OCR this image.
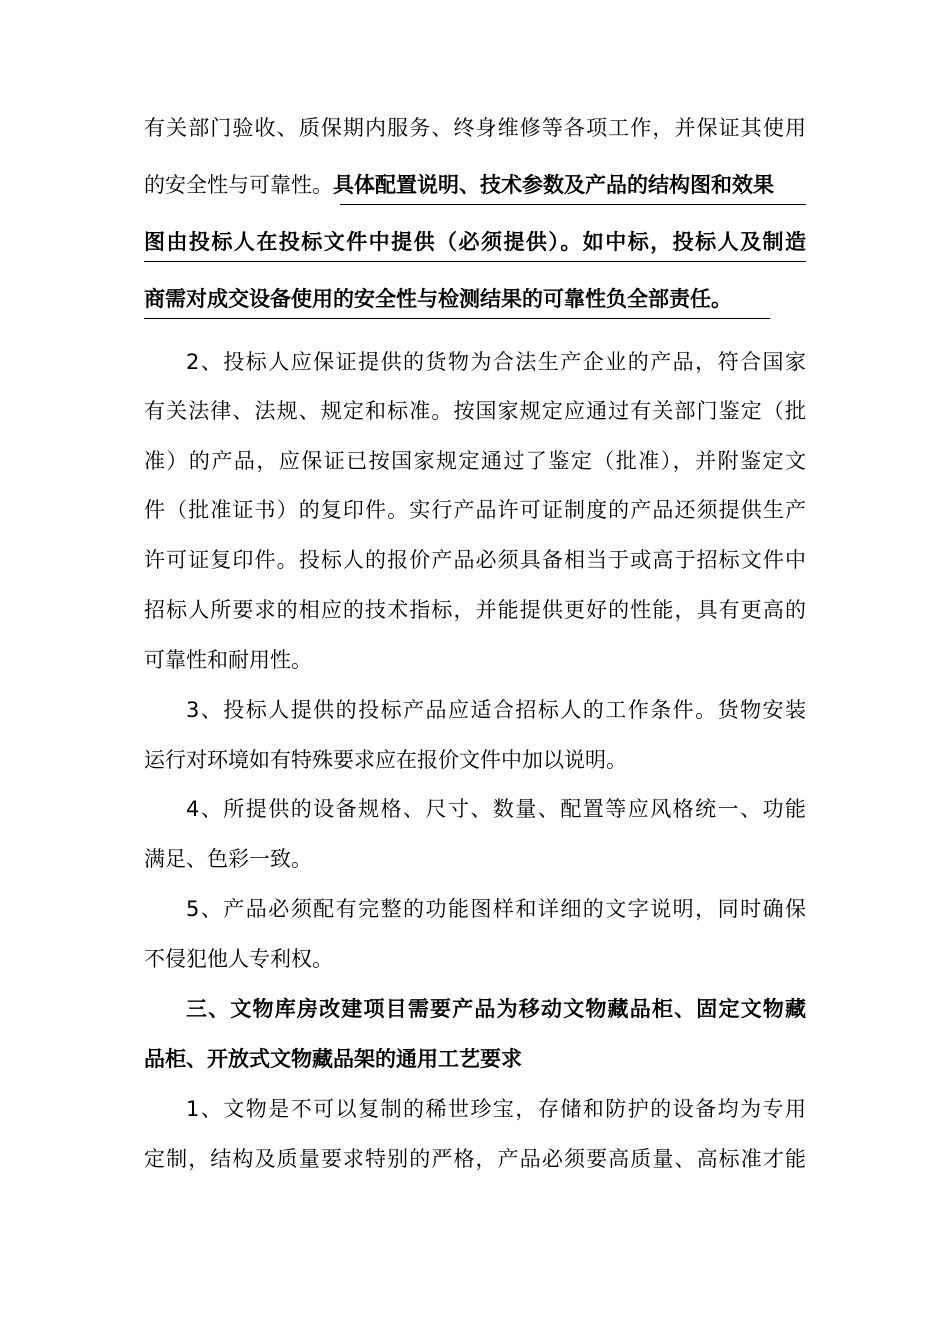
有关部门验收、质保期内服务、终身维修等各项工作，并保证其使用
的安全性与可靠性。具体配置说明、技术参数及产品的结构图和效果
图由投标人在投标文件中提供（必须提供）。如中标，投标人及制造
商需对成交设备使用的安全性与检测结果的可靠性负全部责任。
2、投标人应保证提供的货物为合法生产企业的产品，符合国家
有关法律、法规、规定和标准。按国家规定应通过有关部门鉴定（批
准）的产品，应保证已按国家规定通过了鉴定（批准），并附鉴定文
件（批准证书）的复印件。实行产品许可证制度的产品还须提供生产
许可证复印件。投标人的报价产品必须具备相当于或高于招标文件中
招标人所要求的相应的技术指标，并能提供更好的性能，具有更高的
可靠性和耐用性。
3、投标人提供的投标产品应适合招标人的工作条件。货物安装
运行对环境如有特殊要求应在报价文件中加以说明。
4、所提供的设备规格、尺寸、数量、配置等应风格统一、功能
满足、色彩一致。
5、产品必须配有完整的功能图样和详细的文字说明，同时确保
不侵犯他人专利权。
三、文物库房改建项目需要产品为移动文物藏品柜、固定文物藏
品柜、开放式文物藏品架的通用工艺要求
1、文物是不可以复制的稀世珍宝，存储和防护的设备均为专用
定制，结构及质量要求特别的严格，产品必须要高质量、高标准才能
